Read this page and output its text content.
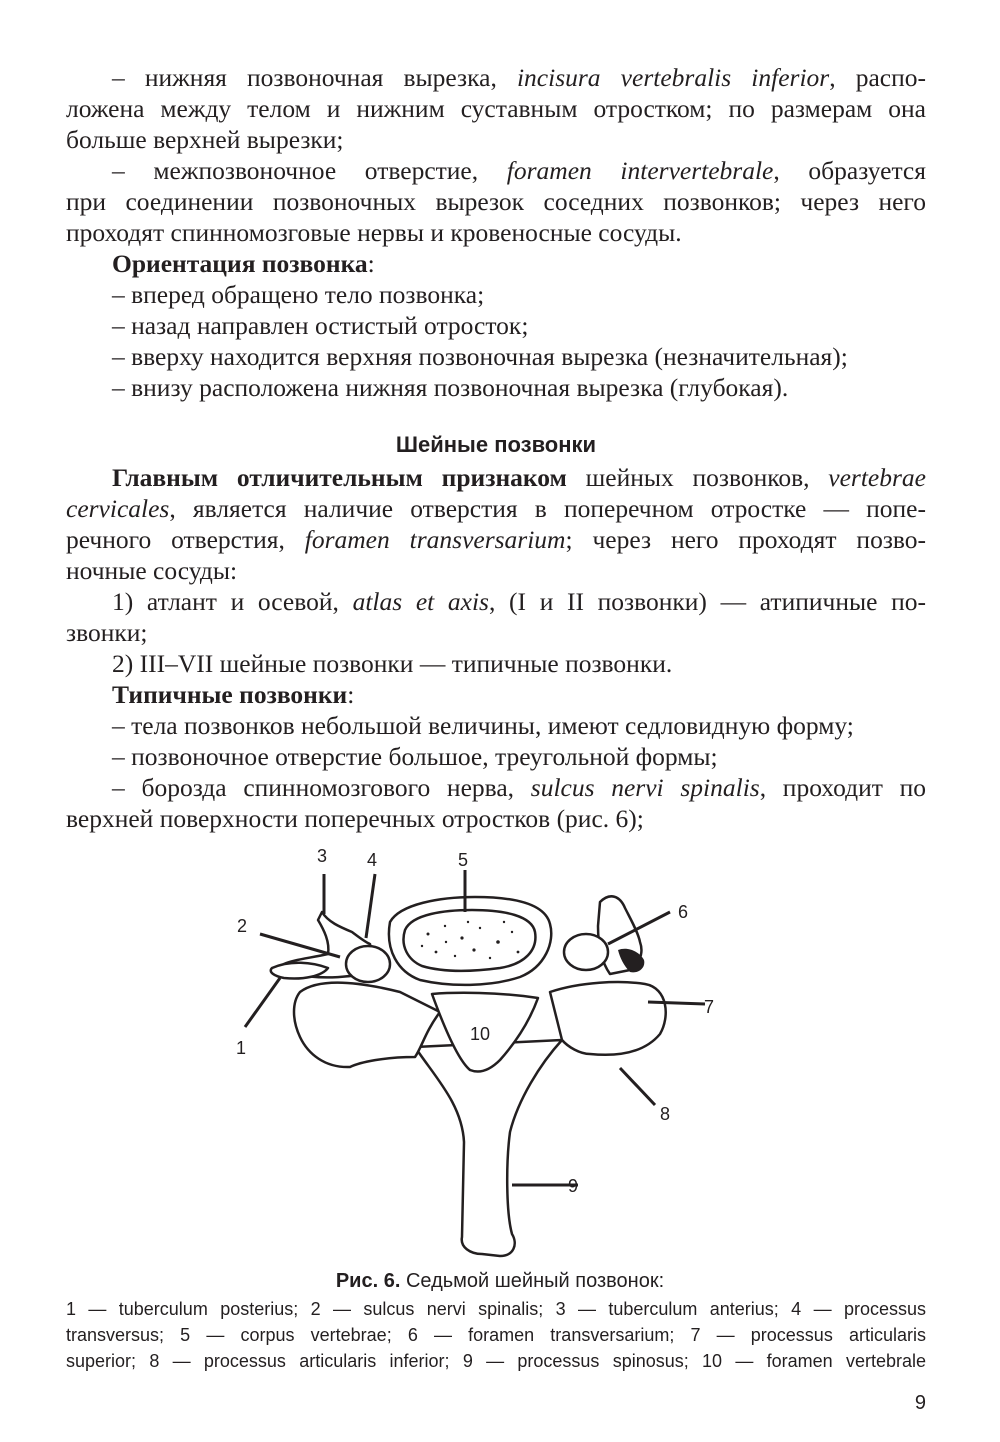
– нижняя позвоночная вырезка, incisura vertebralis inferior, распо-
ложена между телом и нижним суставным отростком; по размерам она
больше верхней вырезки;
– межпозвоночное отверстие, foramen intervertebrale, образуется
при соединении позвоночных вырезок соседних позвонков; через него
проходят спинномозговые нервы и кровеносные сосуды.
Ориентация позвонка:
– вперед обращено тело позвонка;
– назад направлен остистый отросток;
– вверху находится верхняя позвоночная вырезка (незначительная);
– внизу расположена нижняя позвоночная вырезка (глубокая).
Шейные позвонки
Главным отличительным признаком шейных позвонков, vertebrae
cervicales, является наличие отверстия в поперечном отростке — попе-
речного отверстия, foramen transversarium; через него проходят позво-
ночные сосуды:
1) атлант и осевой, atlas et axis, (I и II позвонки) — атипичные по-
звонки;
2) III–VII шейные позвонки — типичные позвонки.
Типичные позвонки:
– тела позвонков небольшой величины, имеют седловидную форму;
– позвоночное отверстие большое, треугольной формы;
– борозда спинномозгового нерва, sulcus nervi spinalis, проходит по
верхней поверхности поперечных отростков (рис. 6);
1
2
3 4	5
6
7
8
9
10
Рис. 6. Седьмой шейный позвонок:
1 — tuberculum posterius; 2 — sulcus nervi spinalis; 3 — tuberculum anterius; 4 — processus
transversus; 5 — corpus vertebrae; 6 — foramen transversarium; 7 — processus articularis
superior; 8 — processus articularis inferior; 9 — processus spinosus; 10 — foramen vertebrale
9
